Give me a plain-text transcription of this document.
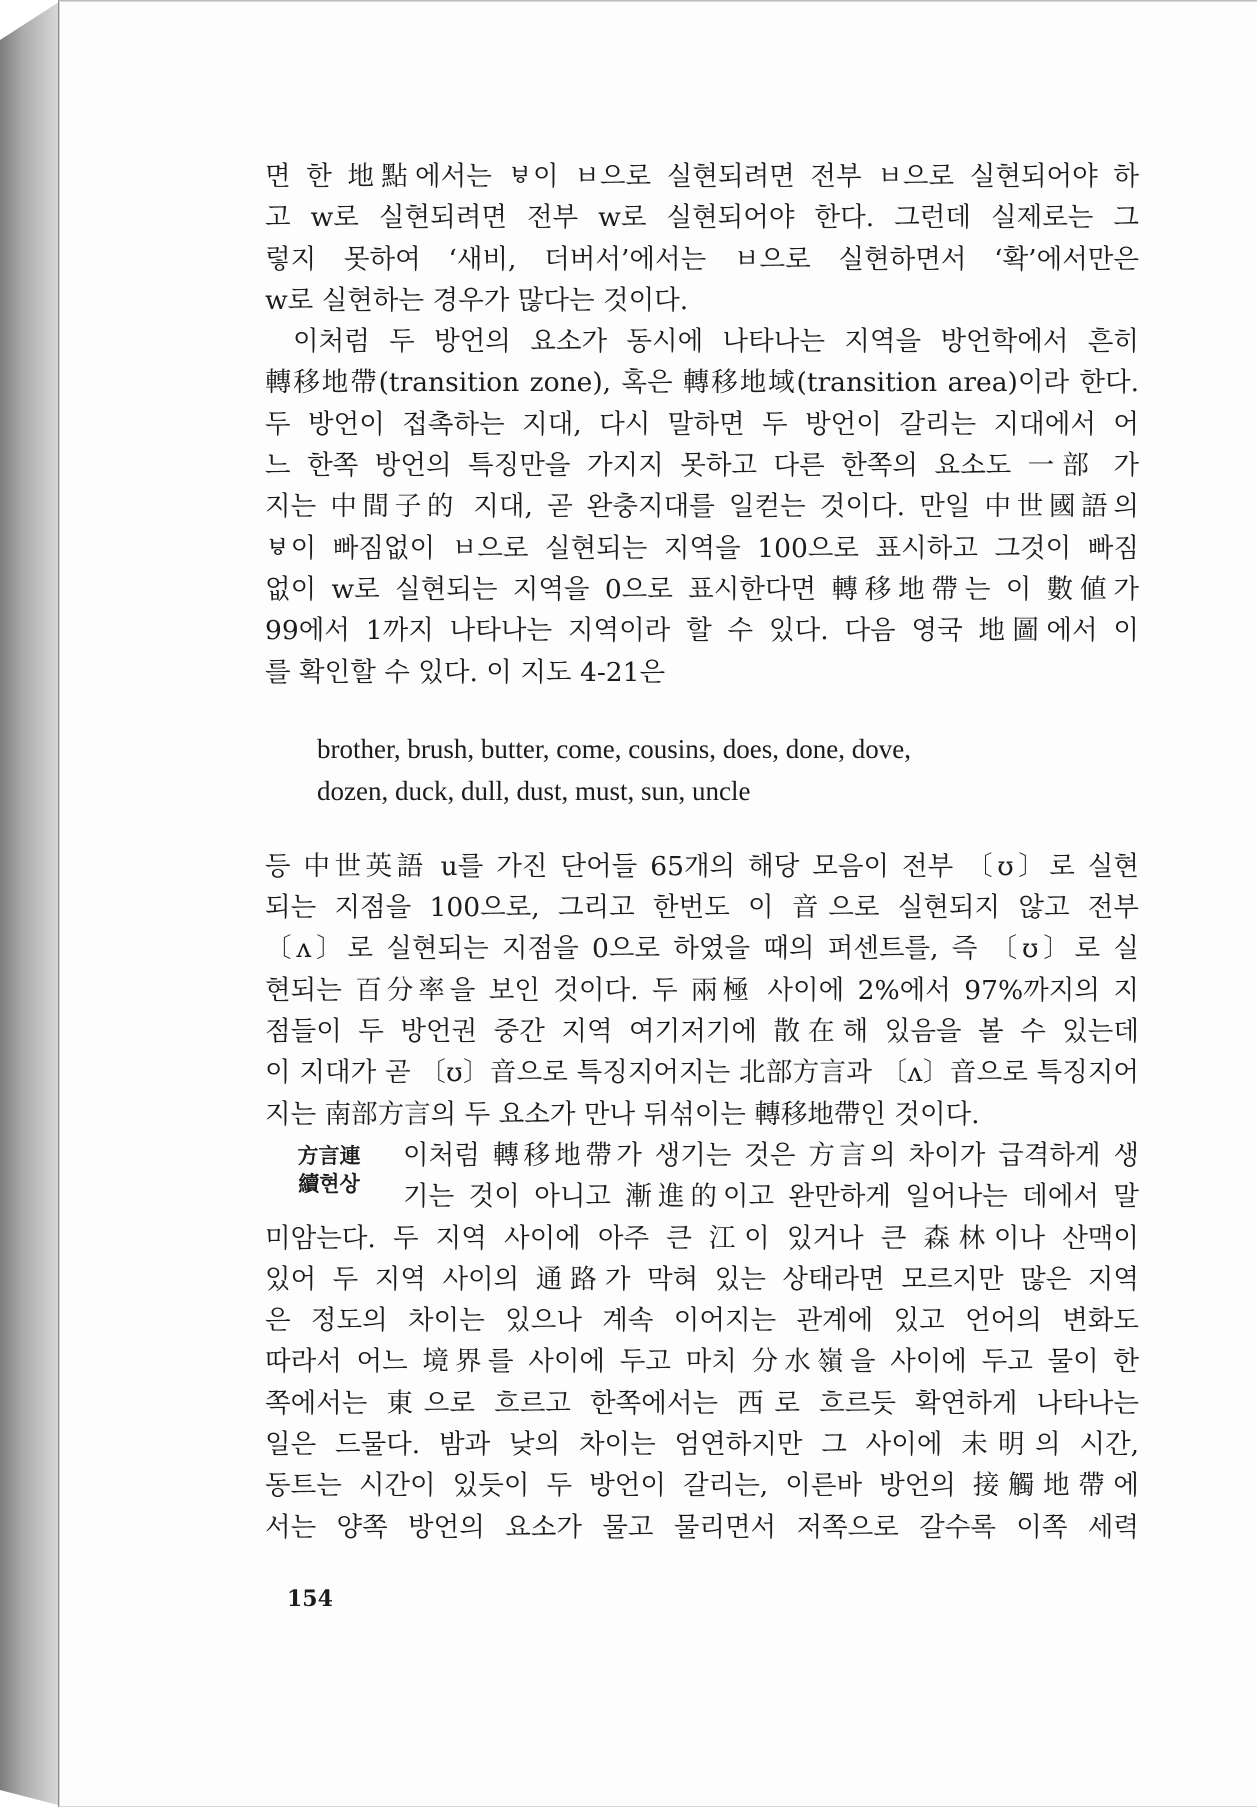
면 한 地點에서는 ㅸ이 ㅂ으로 실현되려면 전부 ㅂ으로 실현되어야 하
고 w로 실현되려면 전부 w로 실현되어야 한다. 그런데 실제로는 그
렇지 못하여 ‘새비, 더버서’에서는 ㅂ으로 실현하면서 ‘확’에서만은
w로 실현하는 경우가 많다는 것이다.
이처럼 두 방언의 요소가 동시에 나타나는 지역을 방언학에서 흔히
轉移地帶(transition zone), 혹은 轉移地域(transition area)이라 한다.
두 방언이 접촉하는 지대, 다시 말하면 두 방언이 갈리는 지대에서 어
느 한쪽 방언의 특징만을 가지지 못하고 다른 한쪽의 요소도 一部 가
지는 中間子的 지대, 곧 완충지대를 일컫는 것이다. 만일 中世國語의
ㅸ이 빠짐없이 ㅂ으로 실현되는 지역을 100으로 표시하고 그것이 빠짐
없이 w로 실현되는 지역을 0으로 표시한다면 轉移地帶는 이 數値가
99에서 1까지 나타나는 지역이라 할 수 있다. 다음 영국 地圖에서 이
를 확인할 수 있다. 이 지도 4-21은
brother, brush, butter, come, cousins, does, done, dove,
dozen, duck, dull, dust, must, sun, uncle
등 中世英語 u를 가진 단어들 65개의 해당 모음이 전부 〔ʊ〕로 실현
되는 지점을 100으로, 그리고 한번도 이 音으로 실현되지 않고 전부
〔ʌ〕로 실현되는 지점을 0으로 하였을 때의 퍼센트를, 즉 〔ʊ〕로 실
현되는 百分率을 보인 것이다. 두 兩極 사이에 2%에서 97%까지의 지
점들이 두 방언권 중간 지역 여기저기에 散在해 있음을 볼 수 있는데
이 지대가 곧 〔ʊ〕音으로 특징지어지는 北部方言과 〔ʌ〕音으로 특징지어
지는 南部方言의 두 요소가 만나 뒤섞이는 轉移地帶인 것이다.
方言連
續현상
이처럼 轉移地帶가 생기는 것은 方言의 차이가 급격하게 생
기는 것이 아니고 漸進的이고 완만하게 일어나는 데에서 말
미암는다. 두 지역 사이에 아주 큰 江이 있거나 큰 森林이나 산맥이
있어 두 지역 사이의 通路가 막혀 있는 상태라면 모르지만 많은 지역
은 정도의 차이는 있으나 계속 이어지는 관계에 있고 언어의 변화도
따라서 어느 境界를 사이에 두고 마치 分水嶺을 사이에 두고 물이 한
쪽에서는 東으로 흐르고 한쪽에서는 西로 흐르듯 확연하게 나타나는
일은 드물다. 밤과 낮의 차이는 엄연하지만 그 사이에 未明의 시간,
동트는 시간이 있듯이 두 방언이 갈리는, 이른바 방언의 接觸地帶에
서는 양쪽 방언의 요소가 물고 물리면서 저쪽으로 갈수록 이쪽 세력
154
